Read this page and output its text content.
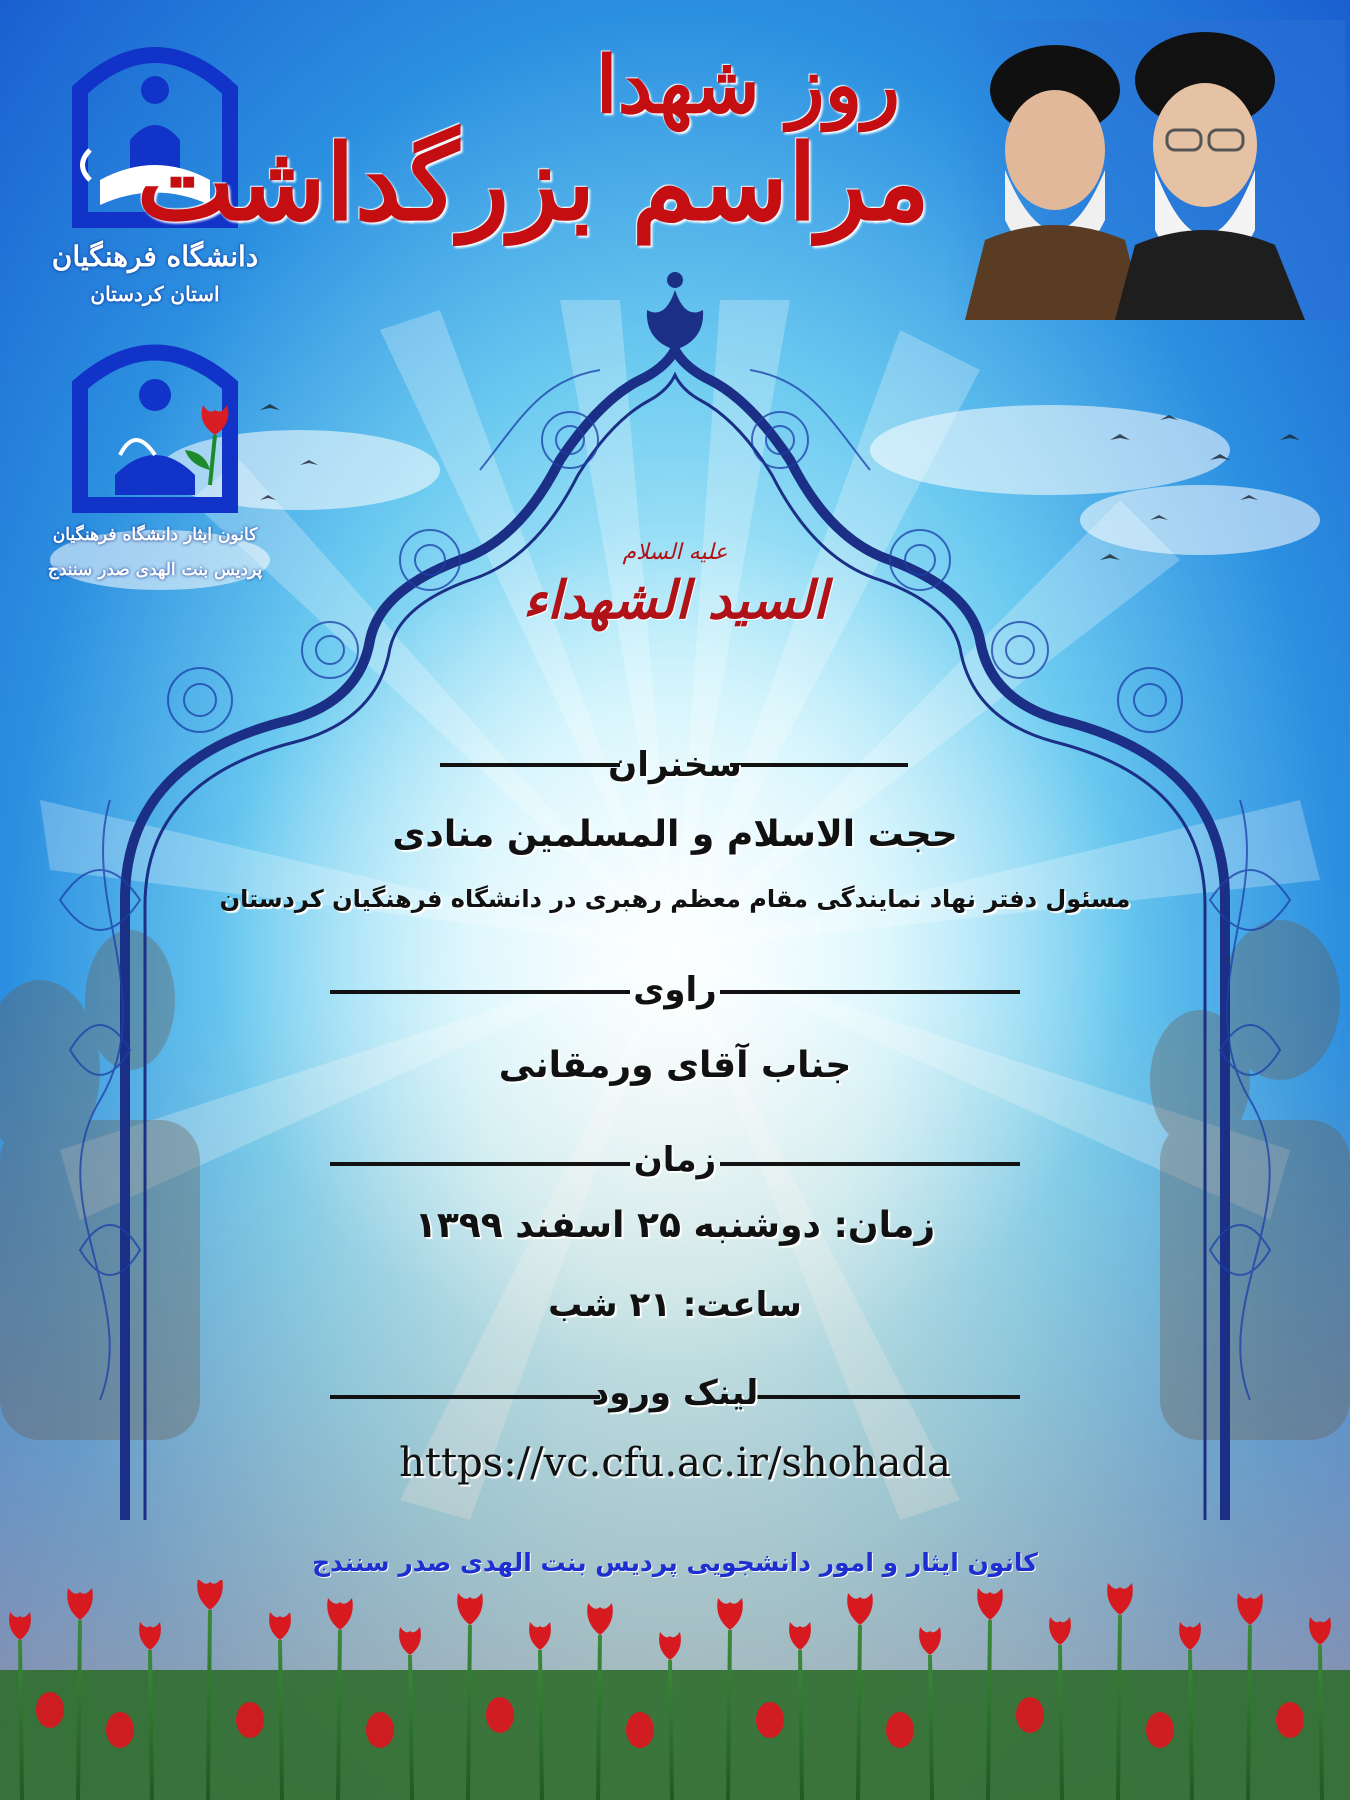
دانشگاه فرهنگیان
استان کردستان
کانون ایثار دانشگاه فرهنگیان
پردیس بنت الهدی صدر سنندج
روز شهدا
مراسم بزرگداشت
علیه السلام
السید الشهداء
سخنران
حجت الاسلام و المسلمین منادی
مسئول دفتر نهاد نمایندگی مقام معظم رهبری در دانشگاه فرهنگیان کردستان
راوی
جناب آقای ورمقانی
زمان
زمان: دوشنبه ۲۵ اسفند ۱۳۹۹
ساعت: ۲۱ شب
لینک ورود
https://vc.cfu.ac.ir/shohada
کانون ایثار و امور دانشجویی پردیس بنت الهدی صدر سنندج
